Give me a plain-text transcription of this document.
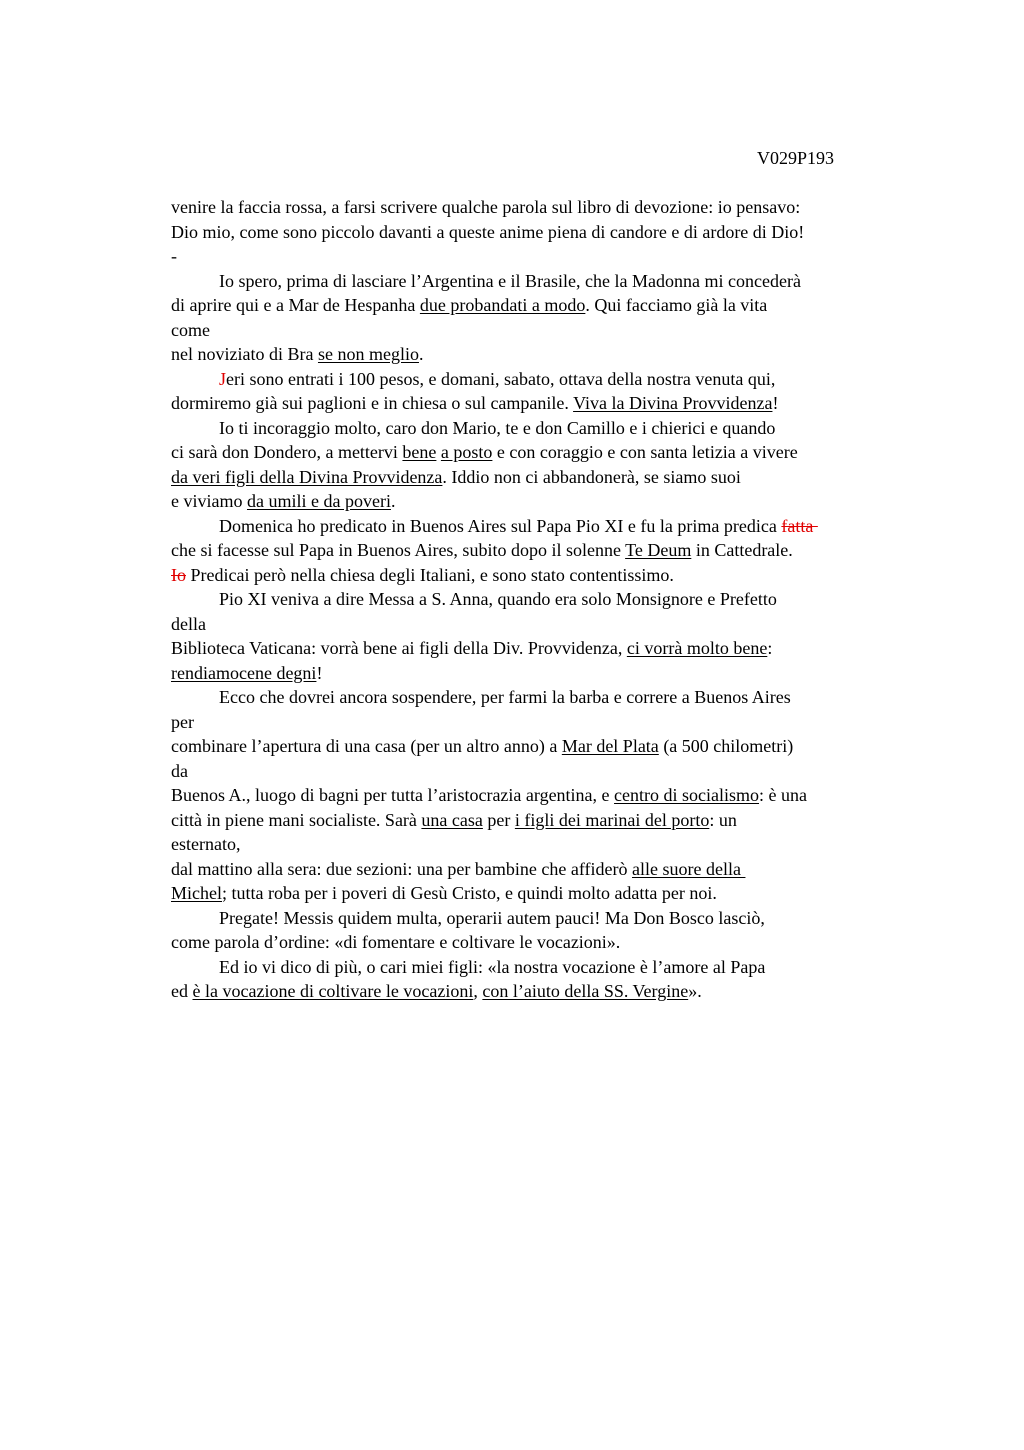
V029P193
venire la faccia rossa, a farsi scrivere qualche parola sul libro di devozione: io pensavo:
Dio mio, come sono piccolo davanti a queste anime piena di candore e di ardore di Dio!
-
Io spero, prima di lasciare l’Argentina e il Brasile, che la Madonna mi concederà
di aprire qui e a Mar de Hespanha due probandati a modo. Qui facciamo già la vita
come
nel noviziato di Bra se non meglio.
Jeri sono entrati i 100 pesos, e domani, sabato, ottava della nostra venuta qui,
dormiremo già sui paglioni e in chiesa o sul campanile. Viva la Divina Provvidenza!
Io ti incoraggio molto, caro don Mario, te e don Camillo e i chierici e quando
ci sarà don Dondero, a mettervi bene a posto e con coraggio e con santa letizia a vivere
da veri figli della Divina Provvidenza. Iddio non ci abbandonerà, se siamo suoi
e viviamo da umili e da poveri.
Domenica ho predicato in Buenos Aires sul Papa Pio XI e fu la prima predica fatta
che si facesse sul Papa in Buenos Aires, subito dopo il solenne Te Deum in Cattedrale.
Io Predicai però nella chiesa degli Italiani, e sono stato contentissimo.
Pio XI veniva a dire Messa a S. Anna, quando era solo Monsignore e Prefetto
della
Biblioteca Vaticana: vorrà bene ai figli della Div. Provvidenza, ci vorrà molto bene:
rendiamocene degni!
Ecco che dovrei ancora sospendere, per farmi la barba e correre a Buenos Aires
per
combinare l’apertura di una casa (per un altro anno) a Mar del Plata (a 500 chilometri)
da
Buenos A., luogo di bagni per tutta l’aristocrazia argentina, e centro di socialismo: è una
città in piene mani socialiste. Sarà una casa per i figli dei marinai del porto: un
esternato,
dal mattino alla sera: due sezioni: una per bambine che affiderò alle suore della
Michel; tutta roba per i poveri di Gesù Cristo, e quindi molto adatta per noi.
Pregate! Messis quidem multa, operarii autem pauci! Ma Don Bosco lasciò,
come parola d’ordine: «di fomentare e coltivare le vocazioni».
Ed io vi dico di più, o cari miei figli: «la nostra vocazione è l’amore al Papa
ed è la vocazione di coltivare le vocazioni, con l’aiuto della SS. Vergine».
